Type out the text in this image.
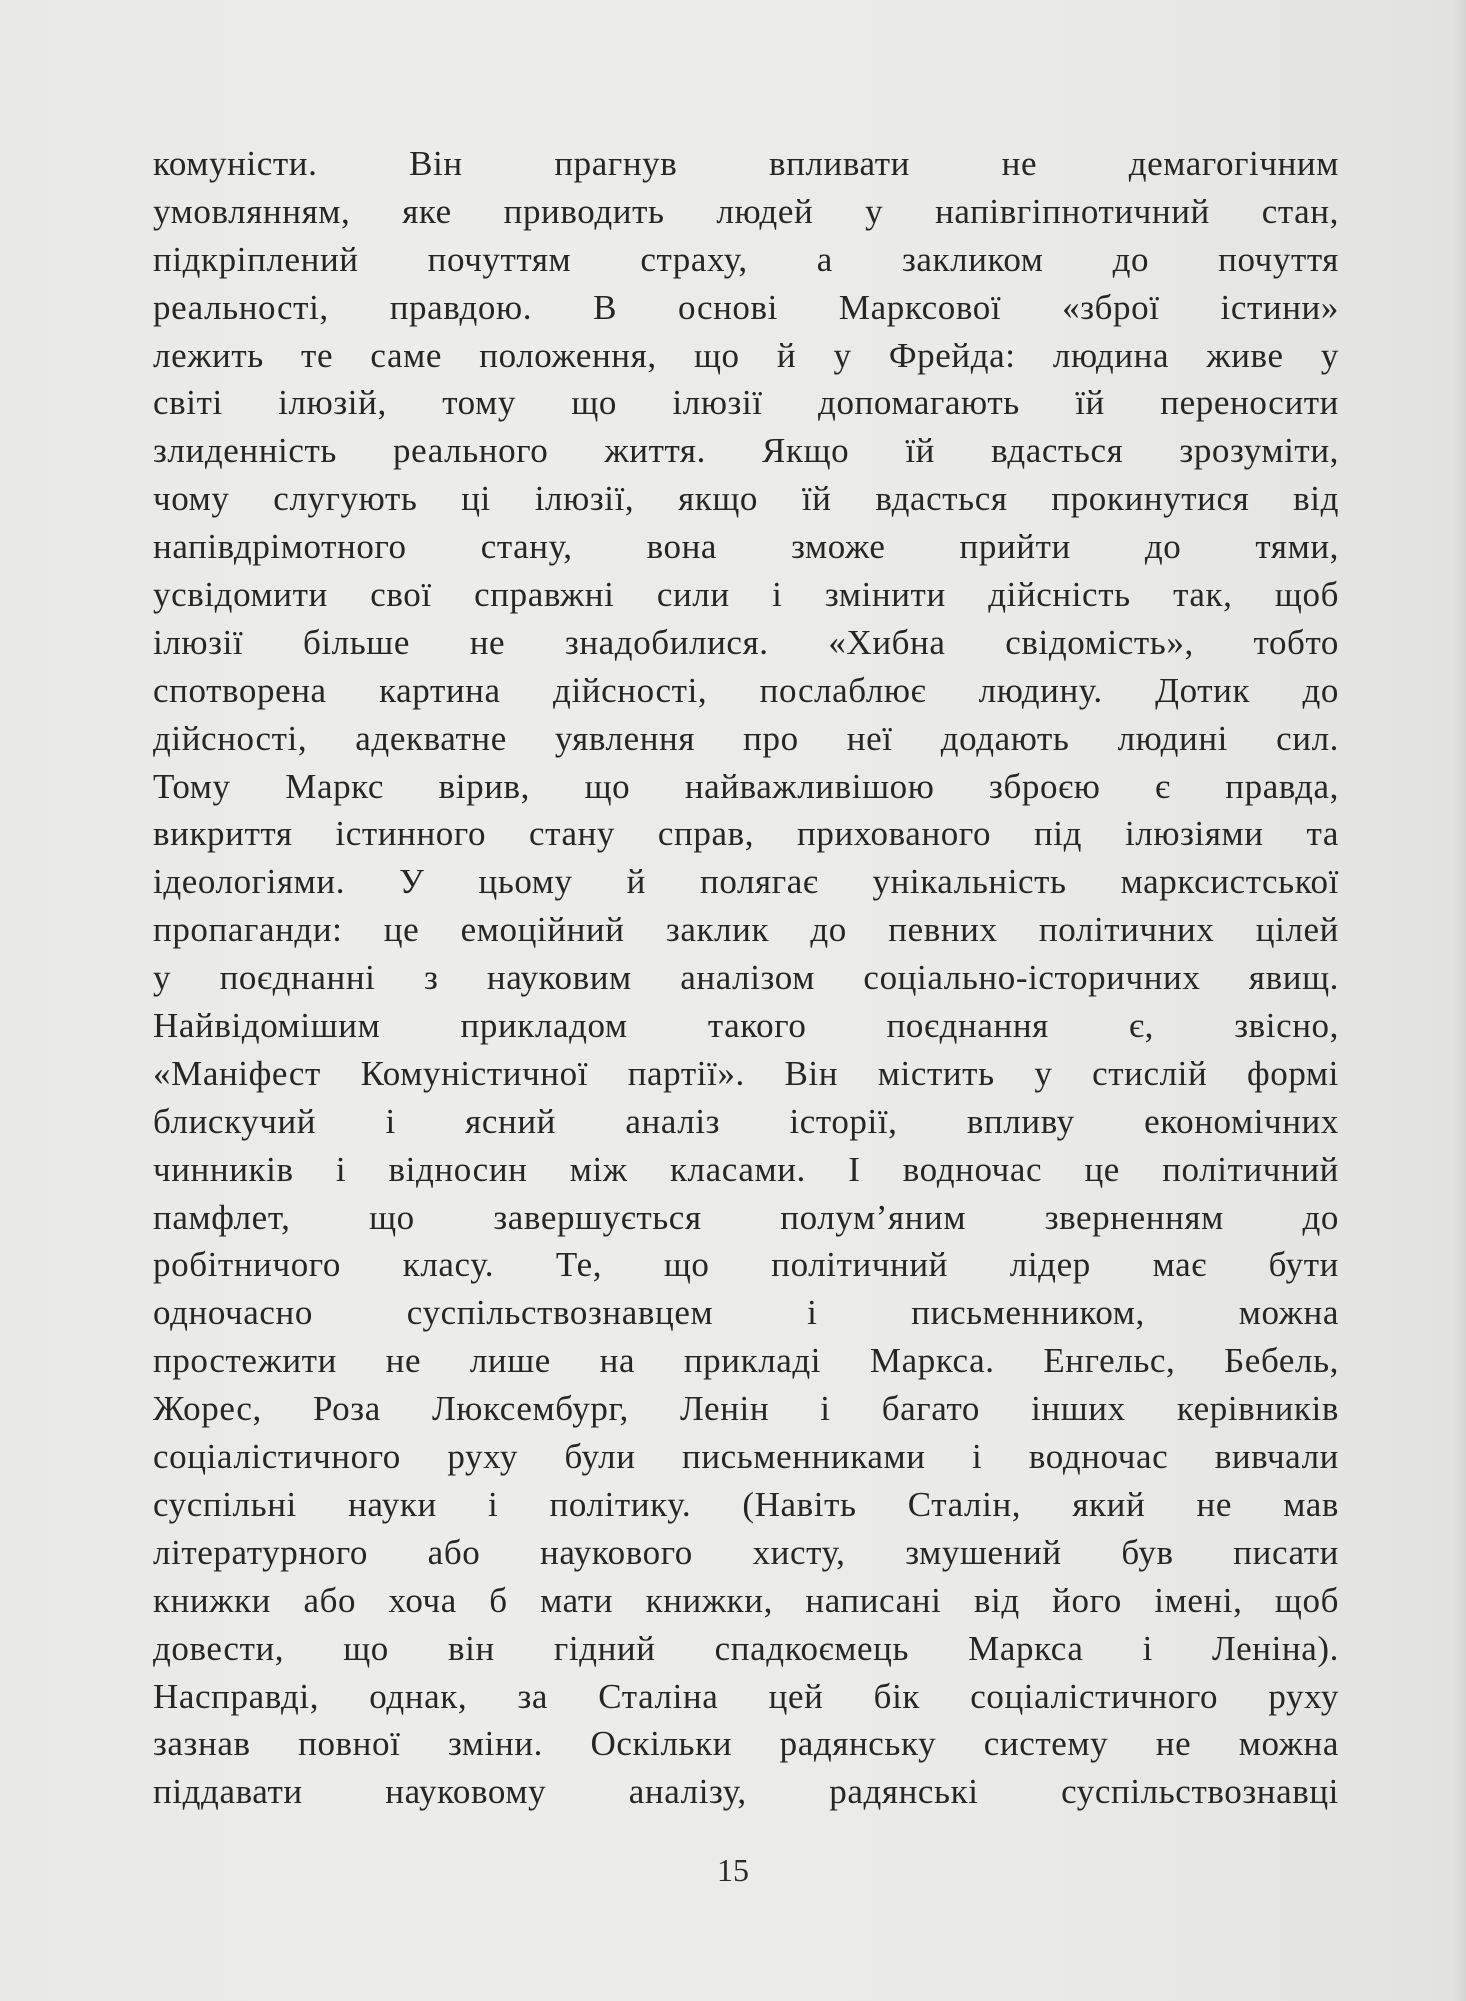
комуністи. Він прагнув впливати не демагогічним
умовлянням, яке приводить людей у напівгіпнотичний стан,
підкріплений почуттям страху, а закликом до почуття
реальності, правдою. В основі Марксової «зброї істини»
лежить те саме положення, що й у Фрейда: людина живе у
світі ілюзій, тому що ілюзії допомагають їй переносити
злиденність реального життя. Якщо їй вдасться зрозуміти,
чому слугують ці ілюзії, якщо їй вдасться прокинутися від
напівдрімотного стану, вона зможе прийти до тями,
усвідомити свої справжні сили і змінити дійсність так, щоб
ілюзії більше не знадобилися. «Хибна свідомість», тобто
спотворена картина дійсності, послаблює людину. Дотик до
дійсності, адекватне уявлення про неї додають людині сил.
Тому Маркс вірив, що найважливішою зброєю є правда,
викриття істинного стану справ, прихованого під ілюзіями та
ідеологіями. У цьому й полягає унікальність марксистської
пропаганди: це емоційний заклик до певних політичних цілей
у поєднанні з науковим аналізом соціально-історичних явищ.
Найвідомішим прикладом такого поєднання є, звісно,
«Маніфест Комуністичної партії». Він містить у стислій формі
блискучий і ясний аналіз історії, впливу економічних
чинників і відносин між класами. І водночас це політичний
памфлет, що завершується полум’яним зверненням до
робітничого класу. Те, що політичний лідер має бути
одночасно суспільствознавцем і письменником, можна
простежити не лише на прикладі Маркса. Енгельс, Бебель,
Жорес, Роза Люксембург, Ленін і багато інших керівників
соціалістичного руху були письменниками і водночас вивчали
суспільні науки і політику. (Навіть Сталін, який не мав
літературного або наукового хисту, змушений був писати
книжки або хоча б мати книжки, написані від його імені, щоб
довести, що він гідний спадкоємець Маркса і Леніна).
Насправді, однак, за Сталіна цей бік соціалістичного руху
зазнав повної зміни. Оскільки радянську систему не можна
піддавати науковому аналізу, радянські суспільствознавці
15
